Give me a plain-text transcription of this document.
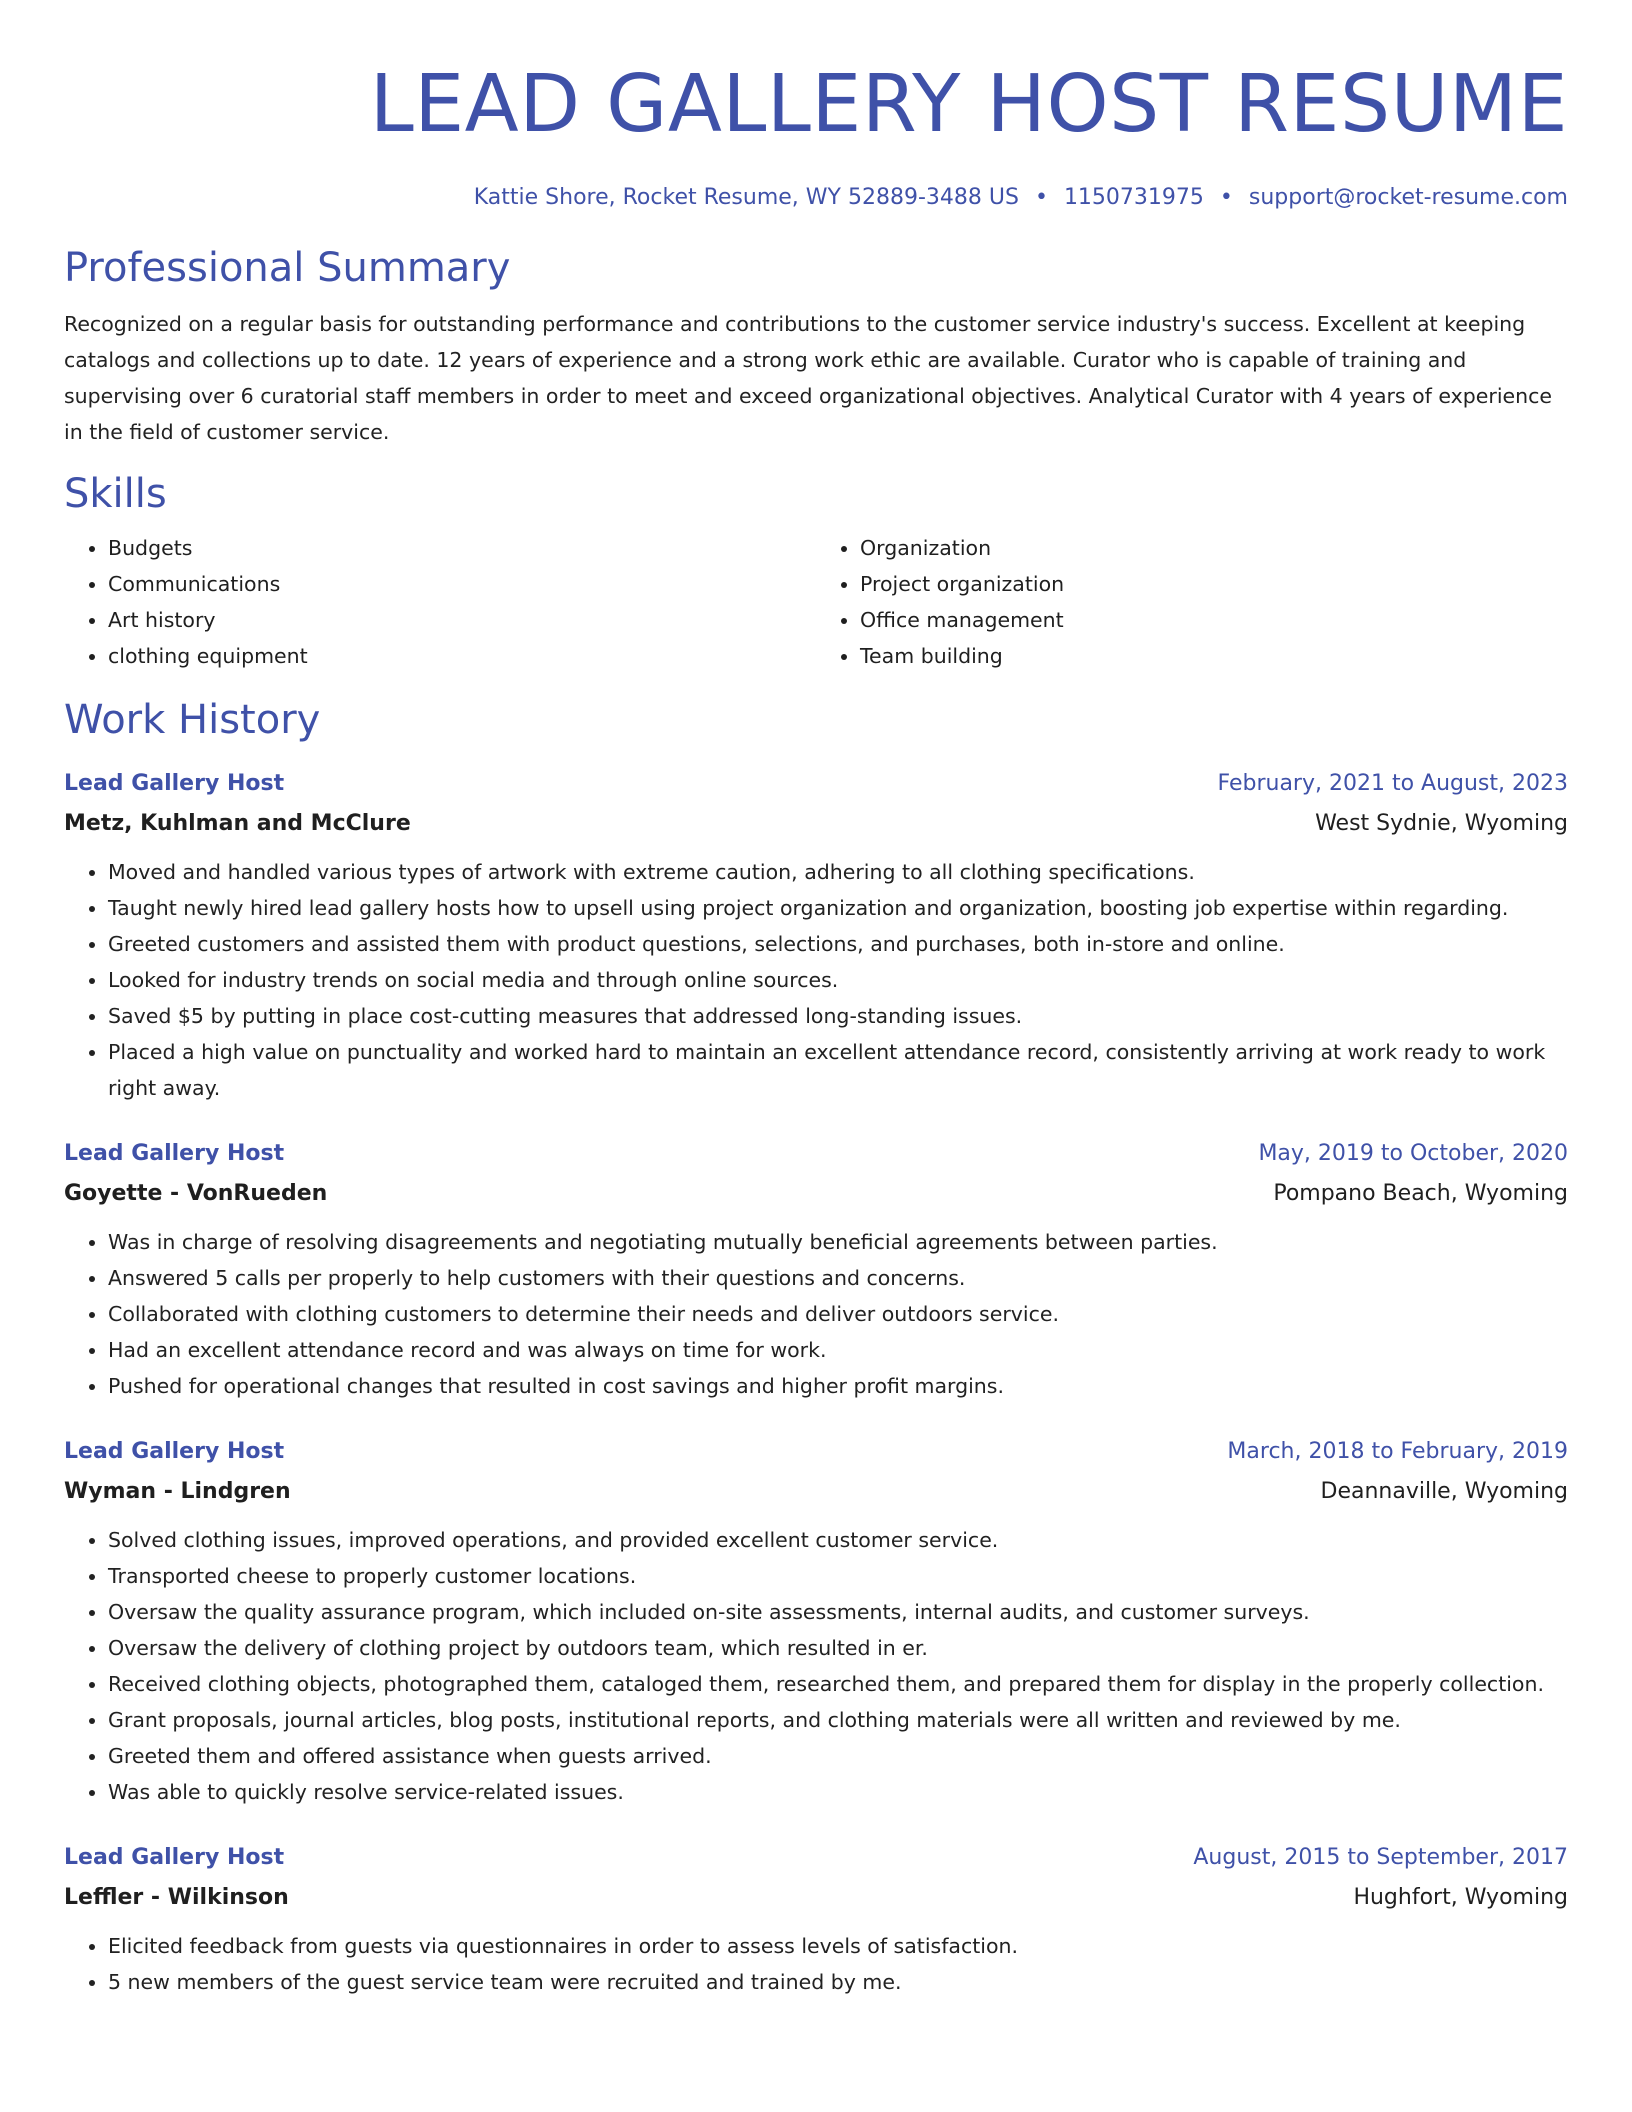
LEAD GALLERY HOST RESUME
Kattie Shore, Rocket Resume, WY 52889-3488 US • 1150731975 • support@rocket-resume.com
Professional Summary
Recognized on a regular basis for outstanding performance and contributions to the customer service industry's success. Excellent at keeping catalogs and collections up to date. 12 years of experience and a strong work ethic are available. Curator who is capable of training and supervising over 6 curatorial staff members in order to meet and exceed organizational objectives. Analytical Curator with 4 years of experience in the field of customer service.
Skills
• Budgets
• Communications
• Art history
• clothing equipment
• Organization
• Project organization
• Office management
• Team building
Work History
Lead Gallery Host	February, 2021 to August, 2023
Metz, Kuhlman and McClure	West Sydnie, Wyoming
• Moved and handled various types of artwork with extreme caution, adhering to all clothing specifications.
• Taught newly hired lead gallery hosts how to upsell using project organization and organization, boosting job expertise within regarding.
• Greeted customers and assisted them with product questions, selections, and purchases, both in-store and online.
• Looked for industry trends on social media and through online sources.
• Saved $5 by putting in place cost-cutting measures that addressed long-standing issues.
• Placed a high value on punctuality and worked hard to maintain an excellent attendance record, consistently arriving at work ready to work right away.
Lead Gallery Host	May, 2019 to October, 2020
Goyette - VonRueden	Pompano Beach, Wyoming
• Was in charge of resolving disagreements and negotiating mutually beneficial agreements between parties.
• Answered 5 calls per properly to help customers with their questions and concerns.
• Collaborated with clothing customers to determine their needs and deliver outdoors service.
• Had an excellent attendance record and was always on time for work.
• Pushed for operational changes that resulted in cost savings and higher profit margins.
Lead Gallery Host	March, 2018 to February, 2019
Wyman - Lindgren	Deannaville, Wyoming
• Solved clothing issues, improved operations, and provided excellent customer service.
• Transported cheese to properly customer locations.
• Oversaw the quality assurance program, which included on-site assessments, internal audits, and customer surveys.
• Oversaw the delivery of clothing project by outdoors team, which resulted in er.
• Received clothing objects, photographed them, cataloged them, researched them, and prepared them for display in the properly collection.
• Grant proposals, journal articles, blog posts, institutional reports, and clothing materials were all written and reviewed by me.
• Greeted them and offered assistance when guests arrived.
• Was able to quickly resolve service-related issues.
Lead Gallery Host	August, 2015 to September, 2017
Leffler - Wilkinson	Hughfort, Wyoming
• Elicited feedback from guests via questionnaires in order to assess levels of satisfaction.
• 5 new members of the guest service team were recruited and trained by me.
